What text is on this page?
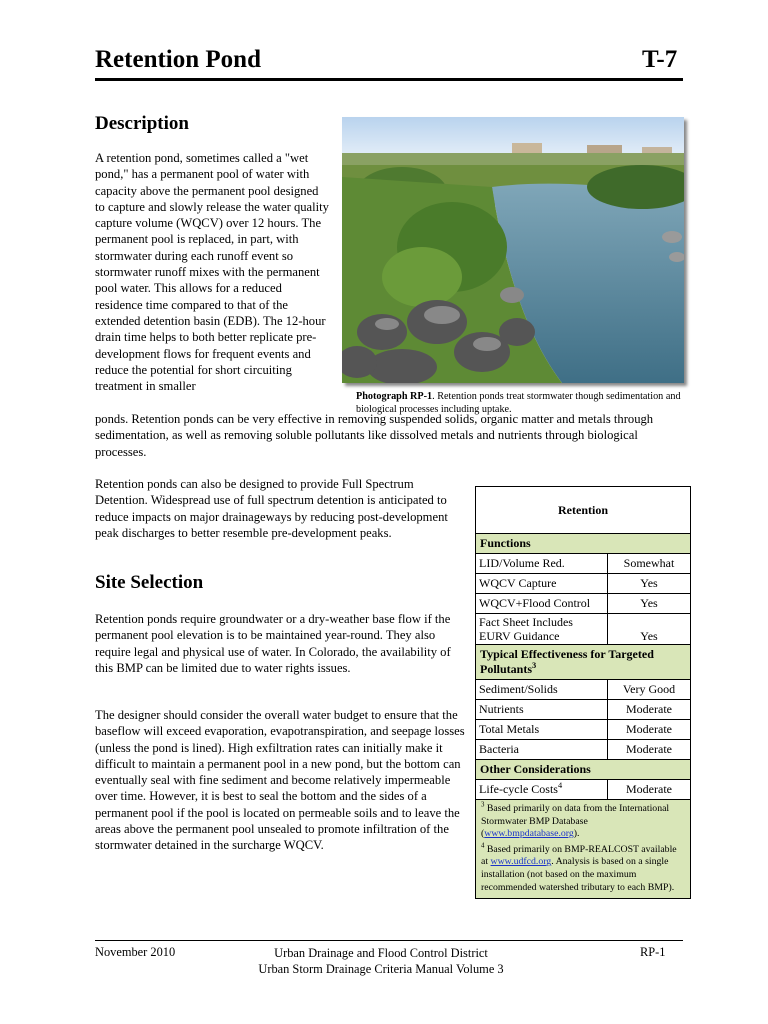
Retention Pond	T-7
Description
A retention pond, sometimes called a "wet pond," has a permanent pool of water with capacity above the permanent pool designed to capture and slowly release the water quality capture volume (WQCV) over 12 hours. The permanent pool is replaced, in part, with stormwater during each runoff event so stormwater runoff mixes with the permanent pool water. This allows for a reduced residence time compared to that of the extended detention basin (EDB). The 12-hour drain time helps to both better replicate pre-development flows for frequent events and reduce the potential for short circuiting treatment in smaller
ponds. Retention ponds can be very effective in removing suspended solids, organic matter and metals through sedimentation, as well as removing soluble pollutants like dissolved metals and nutrients through biological processes.
Photograph RP-1. Retention ponds treat stormwater though sedimentation and biological processes including uptake.
Retention ponds can also be designed to provide Full Spectrum Detention. Widespread use of full spectrum detention is anticipated to reduce impacts on major drainageways by reducing post-development peak discharges to better resemble pre-development peaks.
Site Selection
Retention ponds require groundwater or a dry-weather base flow if the permanent pool elevation is to be maintained year-round. They also require legal and physical use of water. In Colorado, the availability of this BMP can be limited due to water rights issues.
The designer should consider the overall water budget to ensure that the baseflow will exceed evaporation, evapotranspiration, and seepage losses (unless the pond is lined). High exfiltration rates can initially make it difficult to maintain a permanent pool in a new pond, but the bottom can eventually seal with fine sediment and become relatively impermeable over time. However, it is best to seal the bottom and the sides of a permanent pool if the pool is located on permeable soils and to leave the areas above the permanent pool unsealed to promote infiltration of the stormwater detained in the surcharge WQCV.
Retention
Functions
LID/Volume Red.	Somewhat
WQCV Capture	Yes
WQCV+Flood Control	Yes
Fact Sheet Includes EURV Guidance	Yes
Typical Effectiveness for Targeted Pollutants$^3$
Sediment/Solids	Very Good
Nutrients	Moderate
Total Metals	Moderate
Bacteria	Moderate
Other Considerations
Life-cycle Costs$^4$	Moderate
$^3$ Based primarily on data from the International Stormwater BMP Database (www.bmpdatabase.org).
$^4$ Based primarily on BMP-REALCOST available at www.udfcd.org. Analysis is based on a single installation (not based on the maximum recommended watershed tributary to each BMP).
November 2010	Urban Drainage and Flood Control District
Urban Storm Drainage Criteria Manual Volume 3
RP-1
